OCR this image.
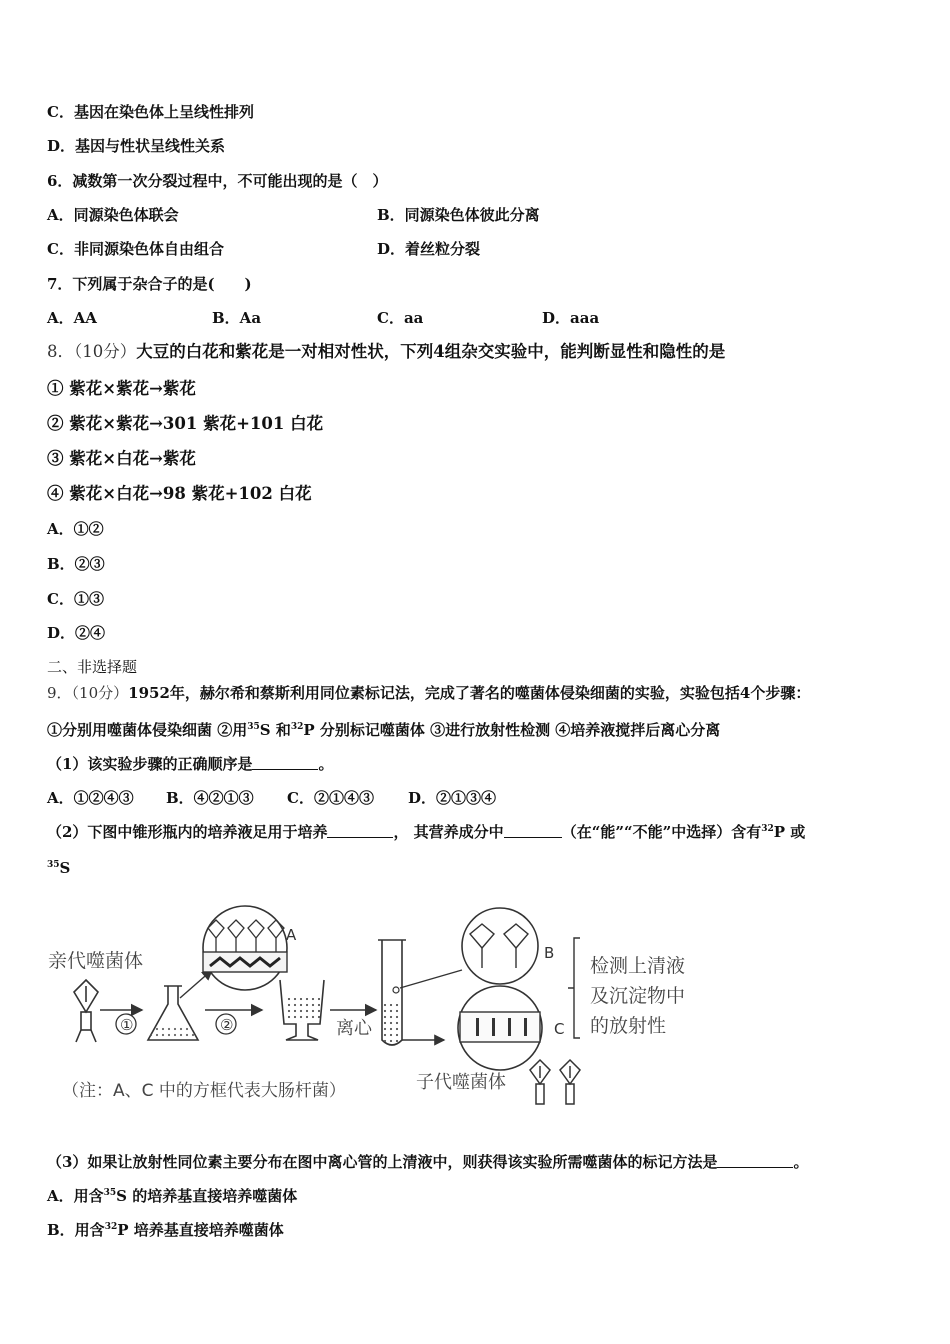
C．基因在染色体上呈线性排列
D．基因与性状呈线性关系
6．减数第一次分裂过程中，不可能出现的是（　）
A．同源染色体联会	B．同源染色体彼此分离
C．非同源染色体自由组合	D．着丝粒分裂
7．下列属于杂合子的是(　　)
A．AA	B．Aa	C．aa	D．aaa
8．（10分）大豆的白花和紫花是一对相对性状，下列4组杂交实验中，能判断显性和隐性的是
① 紫花×紫花→紫花
② 紫花×紫花→301 紫花+101 白花
③ 紫花×白花→紫花
④ 紫花×白花→98 紫花+102 白花
A．①②
B．②③
C．①③
D．②④
二、非选择题
9．（10分）1952年，赫尔希和蔡斯利用同位素标记法，完成了著名的噬菌体侵染细菌的实验，实验包括4个步骤：
①分别用噬菌体侵染细菌 ②用$^{35}$S 和$^{32}$P 分别标记噬菌体 ③进行放射性检测 ④培养液搅拌后离心分离
（1）该实验步骤的正确顺序是	。
A．①②④③ B．④②①③ C．②①④③ D．②①③④
（2）下图中锥形瓶内的培养液足用于培养	， 其营养成分中	（在“能”“不能”中选择）含有$^{32}$P 或
$^{35}$S
亲代噬菌体
①
A
②	离心
B
C
检测上清液
及沉淀物中
的放射性
（注：A、C 中的方框代表大肠杆菌）	子代噬菌体
（3）如果让放射性同位素主要分布在图中离心管的上清液中，则获得该实验所需噬菌体的标记方法是	。
A．用含$^{35}$S 的培养基直接培养噬菌体
B．用含$^{32}$P 培养基直接培养噬菌体
